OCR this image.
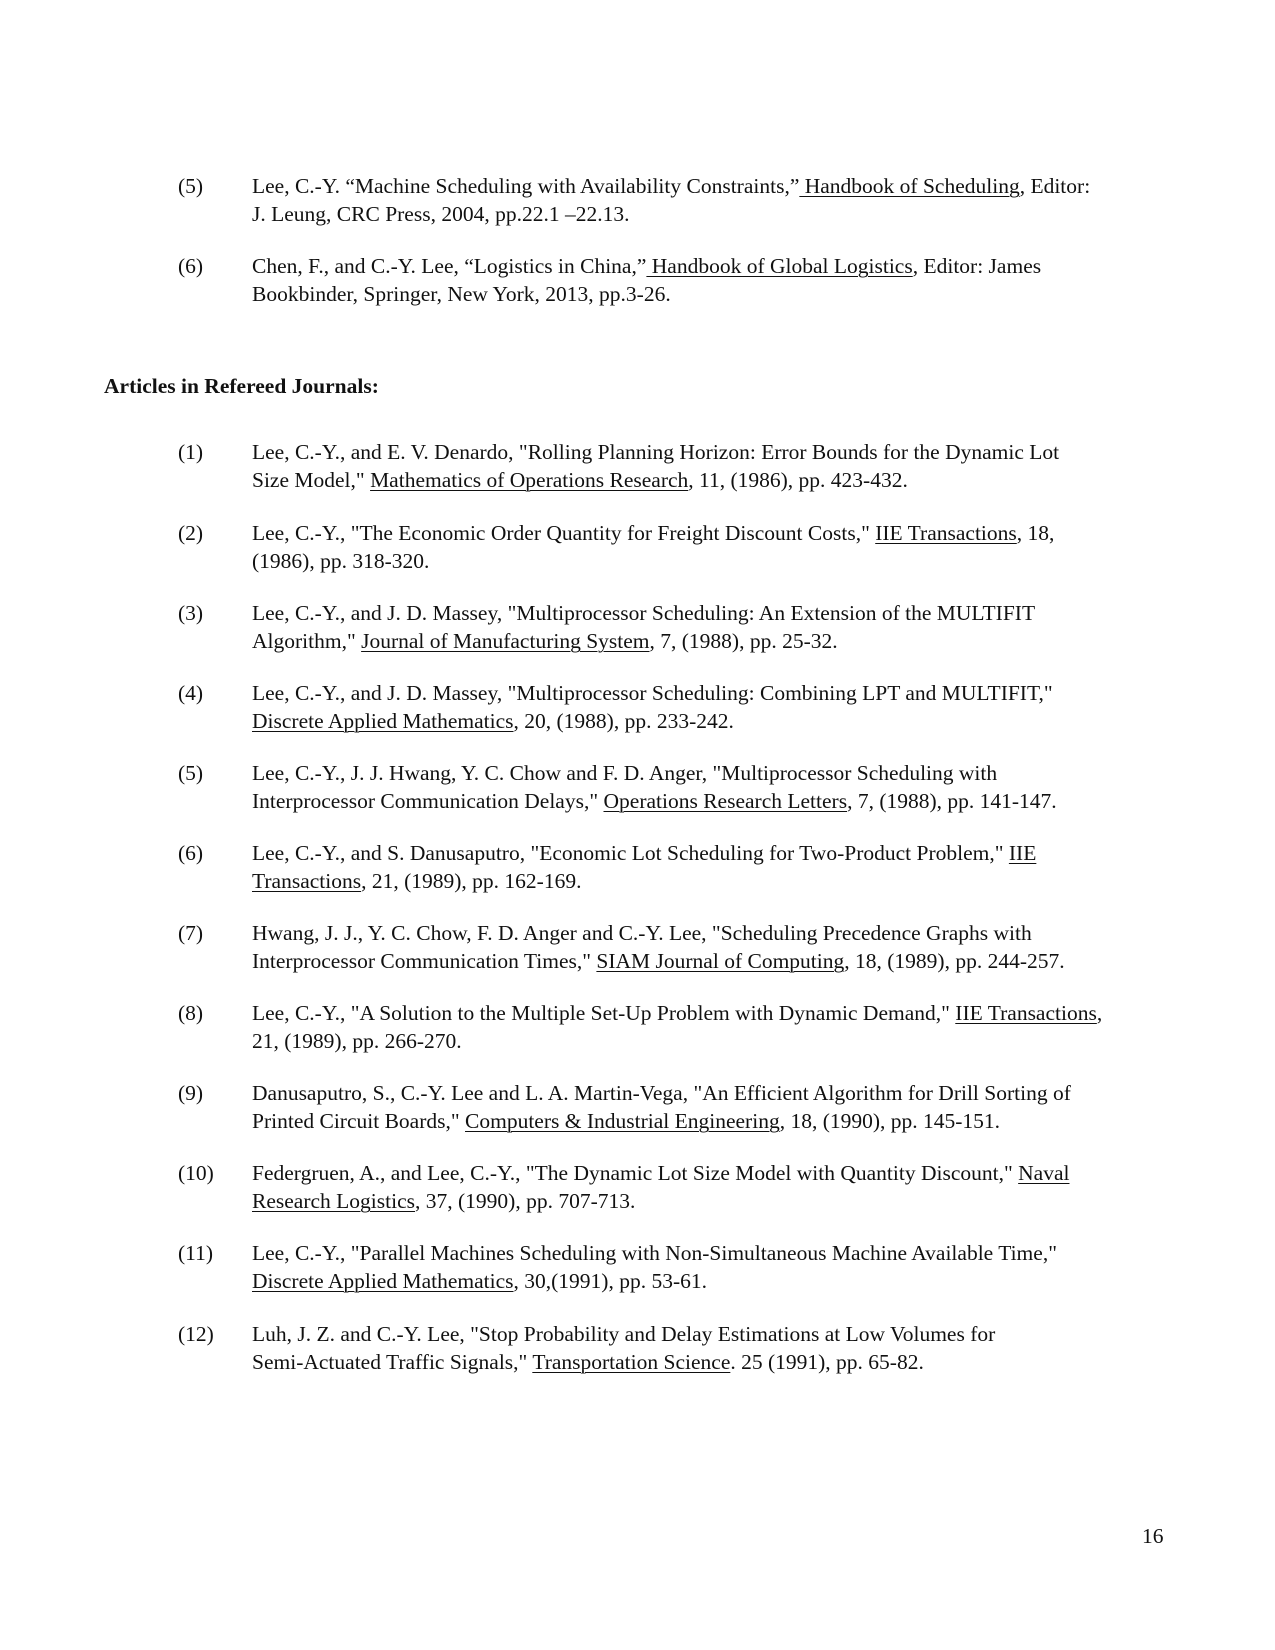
(5) Lee, C.-Y. “Machine Scheduling with Availability Constraints,” Handbook of Scheduling, Editor:
J. Leung, CRC Press, 2004, pp.22.1 –22.13.
(6) Chen, F., and C.-Y. Lee, “Logistics in China,” Handbook of Global Logistics, Editor: James
Bookbinder, Springer, New York, 2013, pp.3-26.
Articles in Refereed Journals:
(1) Lee, C.-Y., and E. V. Denardo, "Rolling Planning Horizon: Error Bounds for the Dynamic Lot
Size Model," Mathematics of Operations Research, 11, (1986), pp. 423-432.
(2) Lee, C.-Y., "The Economic Order Quantity for Freight Discount Costs," IIE Transactions, 18,
(1986), pp. 318-320.
(3) Lee, C.-Y., and J. D. Massey, "Multiprocessor Scheduling: An Extension of the MULTIFIT
Algorithm," Journal of Manufacturing System, 7, (1988), pp. 25-32.
(4) Lee, C.-Y., and J. D. Massey, "Multiprocessor Scheduling: Combining LPT and MULTIFIT,"
Discrete Applied Mathematics, 20, (1988), pp. 233-242.
(5) Lee, C.-Y., J. J. Hwang, Y. C. Chow and F. D. Anger, "Multiprocessor Scheduling with
Interprocessor Communication Delays," Operations Research Letters, 7, (1988), pp. 141-147.
(6) Lee, C.-Y., and S. Danusaputro, "Economic Lot Scheduling for Two-Product Problem," IIE
Transactions, 21, (1989), pp. 162-169.
(7) Hwang, J. J., Y. C. Chow, F. D. Anger and C.-Y. Lee, "Scheduling Precedence Graphs with
Interprocessor Communication Times," SIAM Journal of Computing, 18, (1989), pp. 244-257.
(8) Lee, C.-Y., "A Solution to the Multiple Set-Up Problem with Dynamic Demand," IIE Transactions,
21, (1989), pp. 266-270.
(9) Danusaputro, S., C.-Y. Lee and L. A. Martin-Vega, "An Efficient Algorithm for Drill Sorting of
Printed Circuit Boards," Computers & Industrial Engineering, 18, (1990), pp. 145-151.
(10) Federgruen, A., and Lee, C.-Y., "The Dynamic Lot Size Model with Quantity Discount," Naval
Research Logistics, 37, (1990), pp. 707-713.
(11) Lee, C.-Y., "Parallel Machines Scheduling with Non-Simultaneous Machine Available Time,"
Discrete Applied Mathematics, 30,(1991), pp. 53-61.
(12) Luh, J. Z. and C.-Y. Lee, "Stop Probability and Delay Estimations at Low Volumes for
Semi-Actuated Traffic Signals," Transportation Science. 25 (1991), pp. 65-82.
16
